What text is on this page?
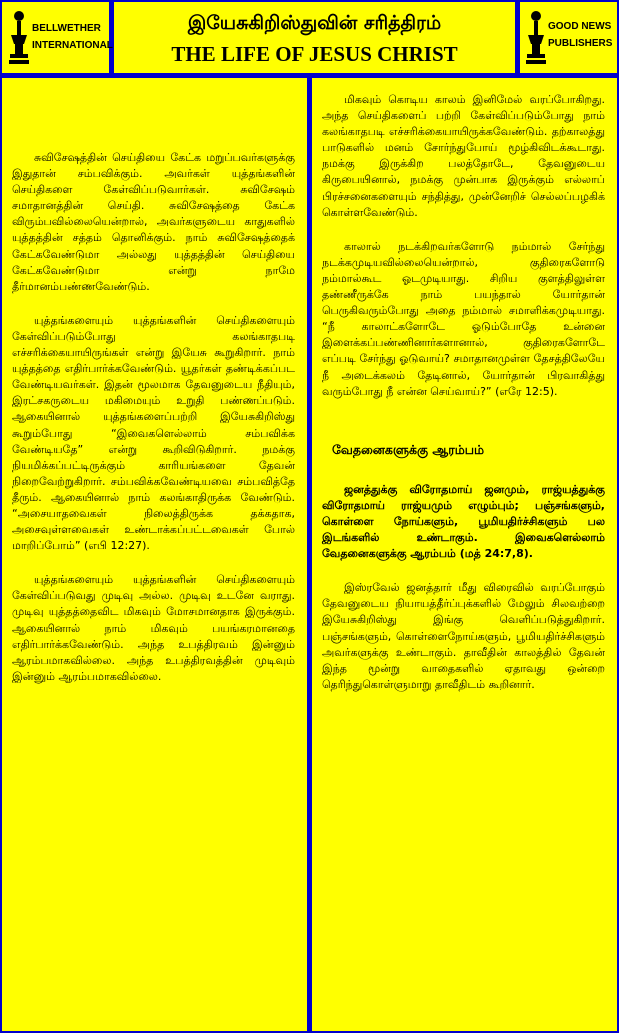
BELLWETHER
INTERNATIONAL
இயேசுகிறிஸ்துவின் சரித்திரம்
THE LIFE OF JESUS CHRIST
GOOD NEWS
PUBLISHERS

சுவிசேஷத்தின் செய்தியை கேட்க மறுப்பவர்களுக்கு இதுதான் சம்பவிக்கும். அவர்கள் யுத்தங்களின் செய்திகளை கேள்விப்படுவார்கள். சுவிசேஷம் சமாதானத்தின் செய்தி. சுவிசேஷத்தை கேட்க விரும்பவில்லையென்றால், அவர்களுடைய காதுகளில் யுத்தத்தின் சத்தம் தொனிக்கும். நாம் சுவிசேஷத்தைக் கேட்கவேண்டுமா அல்லது யுத்தத்தின் செய்தியை கேட்கவேண்டுமா என்று நாமே தீர்மானம்பண்ணவேண்டும்.

யுத்தங்களையும் யுத்தங்களின் செய்திகளையும் கேள்விப்படும்போது கலங்காதபடி எச்சரிக்கையாயிருங்கள் என்று இயேசு கூறுகிறார். நாம் யுத்தத்தை எதிர்பார்க்கவேண்டும். யூதர்கள் தண்டிக்கப்பட வேண்டியவர்கள். இதன் மூலமாக தேவனுடைய நீதியும், இரட்சகருடைய மகிமையும் உறுதி பண்ணப்படும். ஆகையினால் யுத்தங்களைப்பற்றி இயேசுகிறிஸ்து கூறும்போது “இவைகளெல்லாம் சம்பவிக்க வேண்டியதே” என்று கூறிவிடுகிறார். நமக்கு நியமிக்கப்பட்டிருக்கும் காரியங்களை தேவன் நிறைவேற்றுகிறார். சம்பவிக்கவேண்டியவை சம்பவித்தே தீரும். ஆகையினால் நாம் கலங்காதிருக்க வேண்டும். “அசையாதவைகள் நிலைத்திருக்க தக்கதாக, அசைவுள்ளவைகள் உண்டாக்கப்பட்டவைகள் போல் மாறிப்போம்” (எபி 12:27).

யுத்தங்களையும் யுத்தங்களின் செய்திகளையும் கேள்விப்படுவது முடிவு அல்ல. முடிவு உடனே வராது. முடிவு யுத்தத்தைவிட மிகவும் மோசமானதாக இருக்கும். ஆகையினால் நாம் மிகவும் பயங்கரமானதை எதிர்பார்க்கவேண்டும். அந்த உபத்திரவம் இன்னும் ஆரம்பமாகவில்லை. அந்த உபத்திரவத்தின் முடிவும் இன்னும் ஆரம்பமாகவில்லை.

மிகவும் கொடிய காலம் இனிமேல் வரப்போகிறது. அந்த செய்திகளைப் பற்றி கேள்விப்படும்போது நாம் கலங்காதபடி எச்சரிக்கையாயிருக்கவேண்டும். தற்காலத்து பாடுகளில் மனம் சோர்ந்துபோய் மூழ்கிவிடக்கூடாது. நமக்கு இருக்கிற பலத்தோடே, தேவனுடைய கிருபையினால், நமக்கு முன்பாக இருக்கும் எல்லாப் பிரச்சனைகளையும் சந்தித்து, முன்னேறிச் செல்லப்பழகிக் கொள்ளவேண்டும்.

காலால் நடக்கிறவர்களோடு நம்மால் சேர்ந்து நடக்கமுடியவில்லையென்றால், குதிரைகளோடு நம்மால்கூட ஓடமுடியாது. சிறிய குளத்திலுள்ள தண்ணீருக்கே நாம் பயந்தால் யோர்தான் பெருகிவரும்போது அதை நம்மால் சமாளிக்கமுடியாது. “நீ காலாட்களோடே ஓடும்போதே உன்னை இளைக்கப்பண்ணினார்களானால், குதிரைகளோடே எப்படி சேர்ந்து ஓடுவாய்? சமாதானமுள்ள தேசத்திலேயே நீ அடைக்கலம் தேடினால், யோர்தான் பிரவாகித்து வரும்போது நீ என்ன செய்வாய்?” (எரே 12:5).

வேதனைகளுக்கு ஆரம்பம்

ஜனத்துக்கு விரோதமாய் ஜனமும், ராஜ்யத்துக்கு விரோதமாய் ராஜ்யமும் எழும்பும்; பஞ்சங்களும், கொள்ளை நோய்களும், பூமியதிர்ச்சிகளும் பல இடங்களில் உண்டாகும். இவைகளெல்லாம் வேதனைகளுக்கு ஆரம்பம் (மத் 24:7,8).

இஸ்ரவேல் ஜனத்தார் மீது விரைவில் வரப்போகும் தேவனுடைய நியாயத்தீர்ப்புக்களில் மேலும் சிலவற்றை இயேசுகிறிஸ்து இங்கு வெளிப்படுத்துகிறார். பஞ்சங்களும், கொள்ளைநோய்களும், பூமியதிர்ச்சிகளும் அவர்களுக்கு உண்டாகும். தாவீதின் காலத்தில் தேவன் இந்த மூன்று வாதைகளில் ஏதாவது ஒன்றை தெரிந்துகொள்ளுமாறு தாவீதிடம் கூறினார்.
